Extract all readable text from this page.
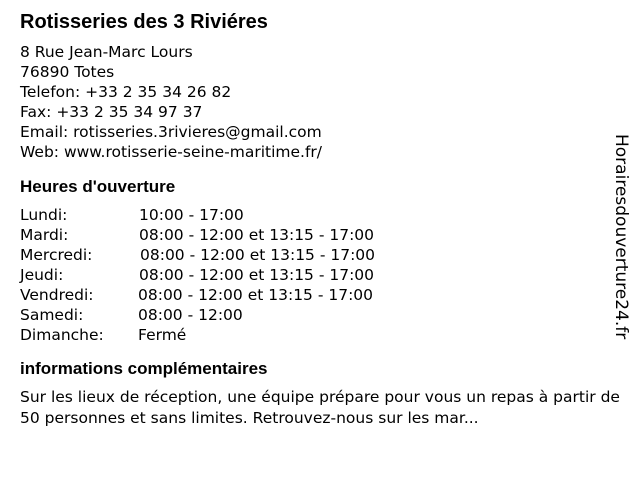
Rotisseries des 3 Riviéres
8 Rue Jean-Marc Lours
76890 Totes
Telefon: +33 2 35 34 26 82
Fax: +33 2 35 34 97 37
Email: rotisseries.3rivieres@gmail.com
Web: www.rotisserie-seine-maritime.fr/
Heures d'ouverture
Lundi:	10:00 - 17:00
Mardi:	08:00 - 12:00 et 13:15 - 17:00
Mercredi:	08:00 - 12:00 et 13:15 - 17:00
Jeudi:	08:00 - 12:00 et 13:15 - 17:00
Vendredi:	08:00 - 12:00 et 13:15 - 17:00
Samedi:	08:00 - 12:00
Dimanche:	Fermé
informations complémentaires
Sur les lieux de réception, une équipe prépare pour vous un repas à partir de 50 personnes et sans limites. Retrouvez-nous sur les mar...
Horairesdouverture24.fr
